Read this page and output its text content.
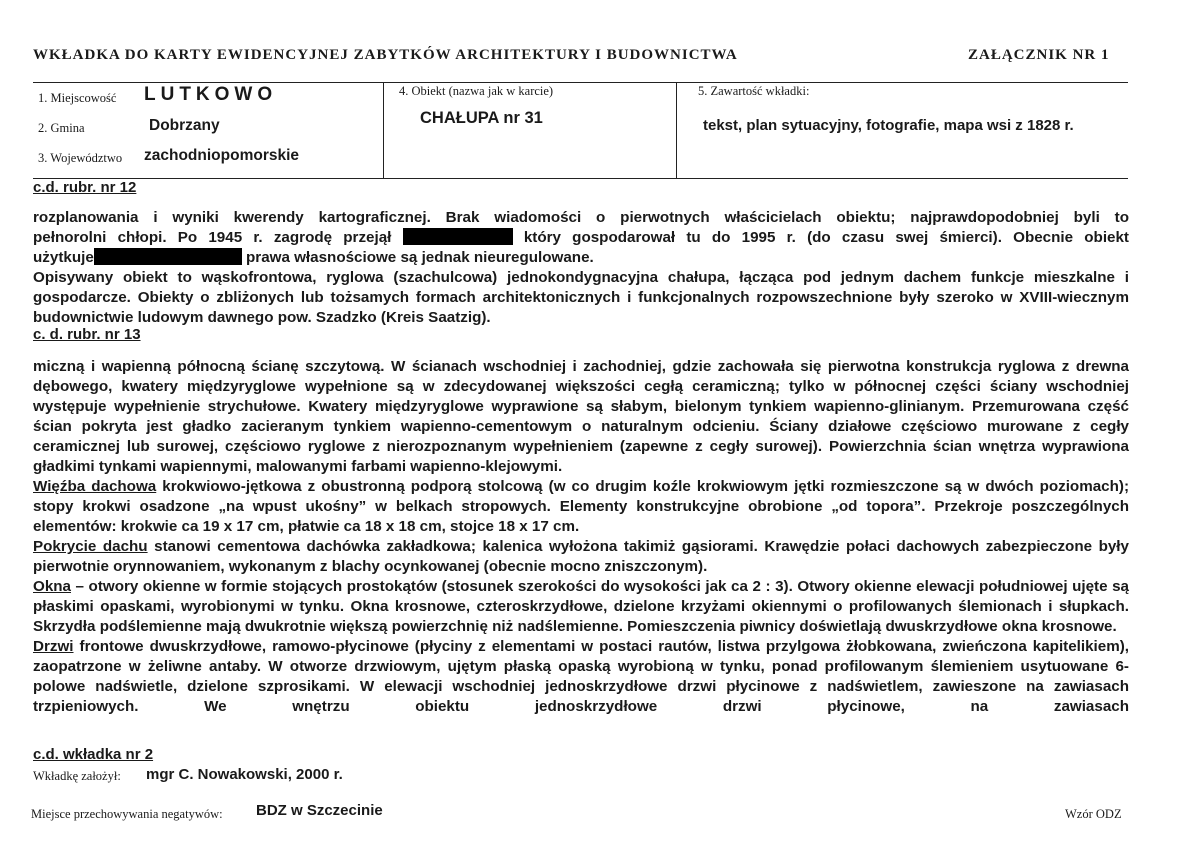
WKŁADKA DO KARTY EWIDENCYJNEJ ZABYTKÓW ARCHITEKTURY I BUDOWNICTWA	ZAŁĄCZNIK NR 1
1. Miejscowość LUTKOWO
2. Gmina	Dobrzany
3. Województwo zachodniopomorskie
4. Obiekt (nazwa jak w karcie)
CHAŁUPA nr 31
5. Zawartość wkładki:
tekst, plan sytuacyjny, fotografie, mapa wsi z 1828 r.
c.d. rubr. nr 12

rozplanowania i wyniki kwerendy kartograficznej. Brak wiadomości o pierwotnych właścicielach obiektu; najprawdopodobniej byli to

pełnorolni chłopi. Po 1945 r. zagrodę przejął	który gospodarował tu do 1995 r. (do czasu swej śmierci). Obecnie obiekt

użytkuje	prawa własnościowe są jednak nieuregulowane.

Opisywany obiekt to wąskofrontowa, ryglowa (szachulcowa) jednokondygnacyjna chałupa, łącząca pod jednym dachem funkcje mieszkalne i gospodarcze. Obiekty o zbliżonych lub tożsamych formach architektonicznych i funkcjonalnych rozpowszechnione były szeroko w XVIII-wiecznym budownictwie ludowym dawnego pow. Szadzko (Kreis Saatzig).

c. d. rubr. nr 13

miczną i wapienną północną ścianę szczytową. W ścianach wschodniej i zachodniej, gdzie zachowała się pierwotna konstrukcja ryglowa z drewna dębowego, kwatery międzyryglowe wypełnione są w zdecydowanej większości cegłą ceramiczną; tylko w północnej części ściany wschodniej występuje wypełnienie strychułowe. Kwatery międzyryglowe wyprawione są słabym, bielonym tynkiem wapienno-glinianym. Przemurowana część ścian pokryta jest gładko zacieranym tynkiem wapienno-cementowym o naturalnym odcieniu. Ściany działowe częściowo murowane z cegły ceramicznej lub surowej, częściowo ryglowe z nierozpoznanym wypełnieniem (zapewne z cegły surowej). Powierzchnia ścian wnętrza wyprawiona gładkimi tynkami wapiennymi, malowanymi farbami wapienno-klejowymi.

Więźba dachowa krokwiowo-jętkowa z obustronną podporą stolcową (w co drugim koźle krokwiowym jętki rozmieszczone są w dwóch poziomach); stopy krokwi osadzone „na wpust ukośny” w belkach stropowych. Elementy konstrukcyjne obrobione „od topora”. Przekroje poszczególnych elementów: krokwie ca 19 x 17 cm, płatwie ca 18 x 18 cm, stojce 18 x 17 cm.

Pokrycie dachu stanowi cementowa dachówka zakładkowa; kalenica wyłożona takimiż gąsiorami. Krawędzie połaci dachowych zabezpieczone były pierwotnie orynnowaniem, wykonanym z blachy ocynkowanej (obecnie mocno zniszczonym).

Okna – otwory okienne w formie stojących prostokątów (stosunek szerokości do wysokości jak ca 2 : 3). Otwory okienne elewacji południowej ujęte są płaskimi opaskami, wyrobionymi w tynku. Okna krosnowe, czteroskrzydłowe, dzielone krzyżami okiennymi o profilowanych ślemionach i słupkach. Skrzydła podślemienne mają dwukrotnie większą powierzchnię niż nadślemienne. Pomieszczenia piwnicy doświetlają dwuskrzydłowe okna krosnowe.

Drzwi frontowe dwuskrzydłowe, ramowo-płycinowe (płyciny z elementami w postaci rautów, listwa przylgowa żłobkowana, zwieńczona kapitelikiem), zaopatrzone w żeliwne antaby. W otworze drzwiowym, ujętym płaską opaską wyrobioną w tynku, ponad profilowanym ślemieniem usytuowane 6-polowe nadświetle, dzielone szprosikami. W elewacji wschodniej jednoskrzydłowe drzwi płycinowe z nadświetlem, zawieszone na zawiasach trzpieniowych. We wnętrzu obiektu jednoskrzydłowe drzwi płycinowe, na zawiasach

c.d. wkładka nr 2
Wkładkę założył: mgr C. Nowakowski, 2000 r.
Miejsce przechowywania negatywów: BDZ w Szczecinie	Wzór ODZ
